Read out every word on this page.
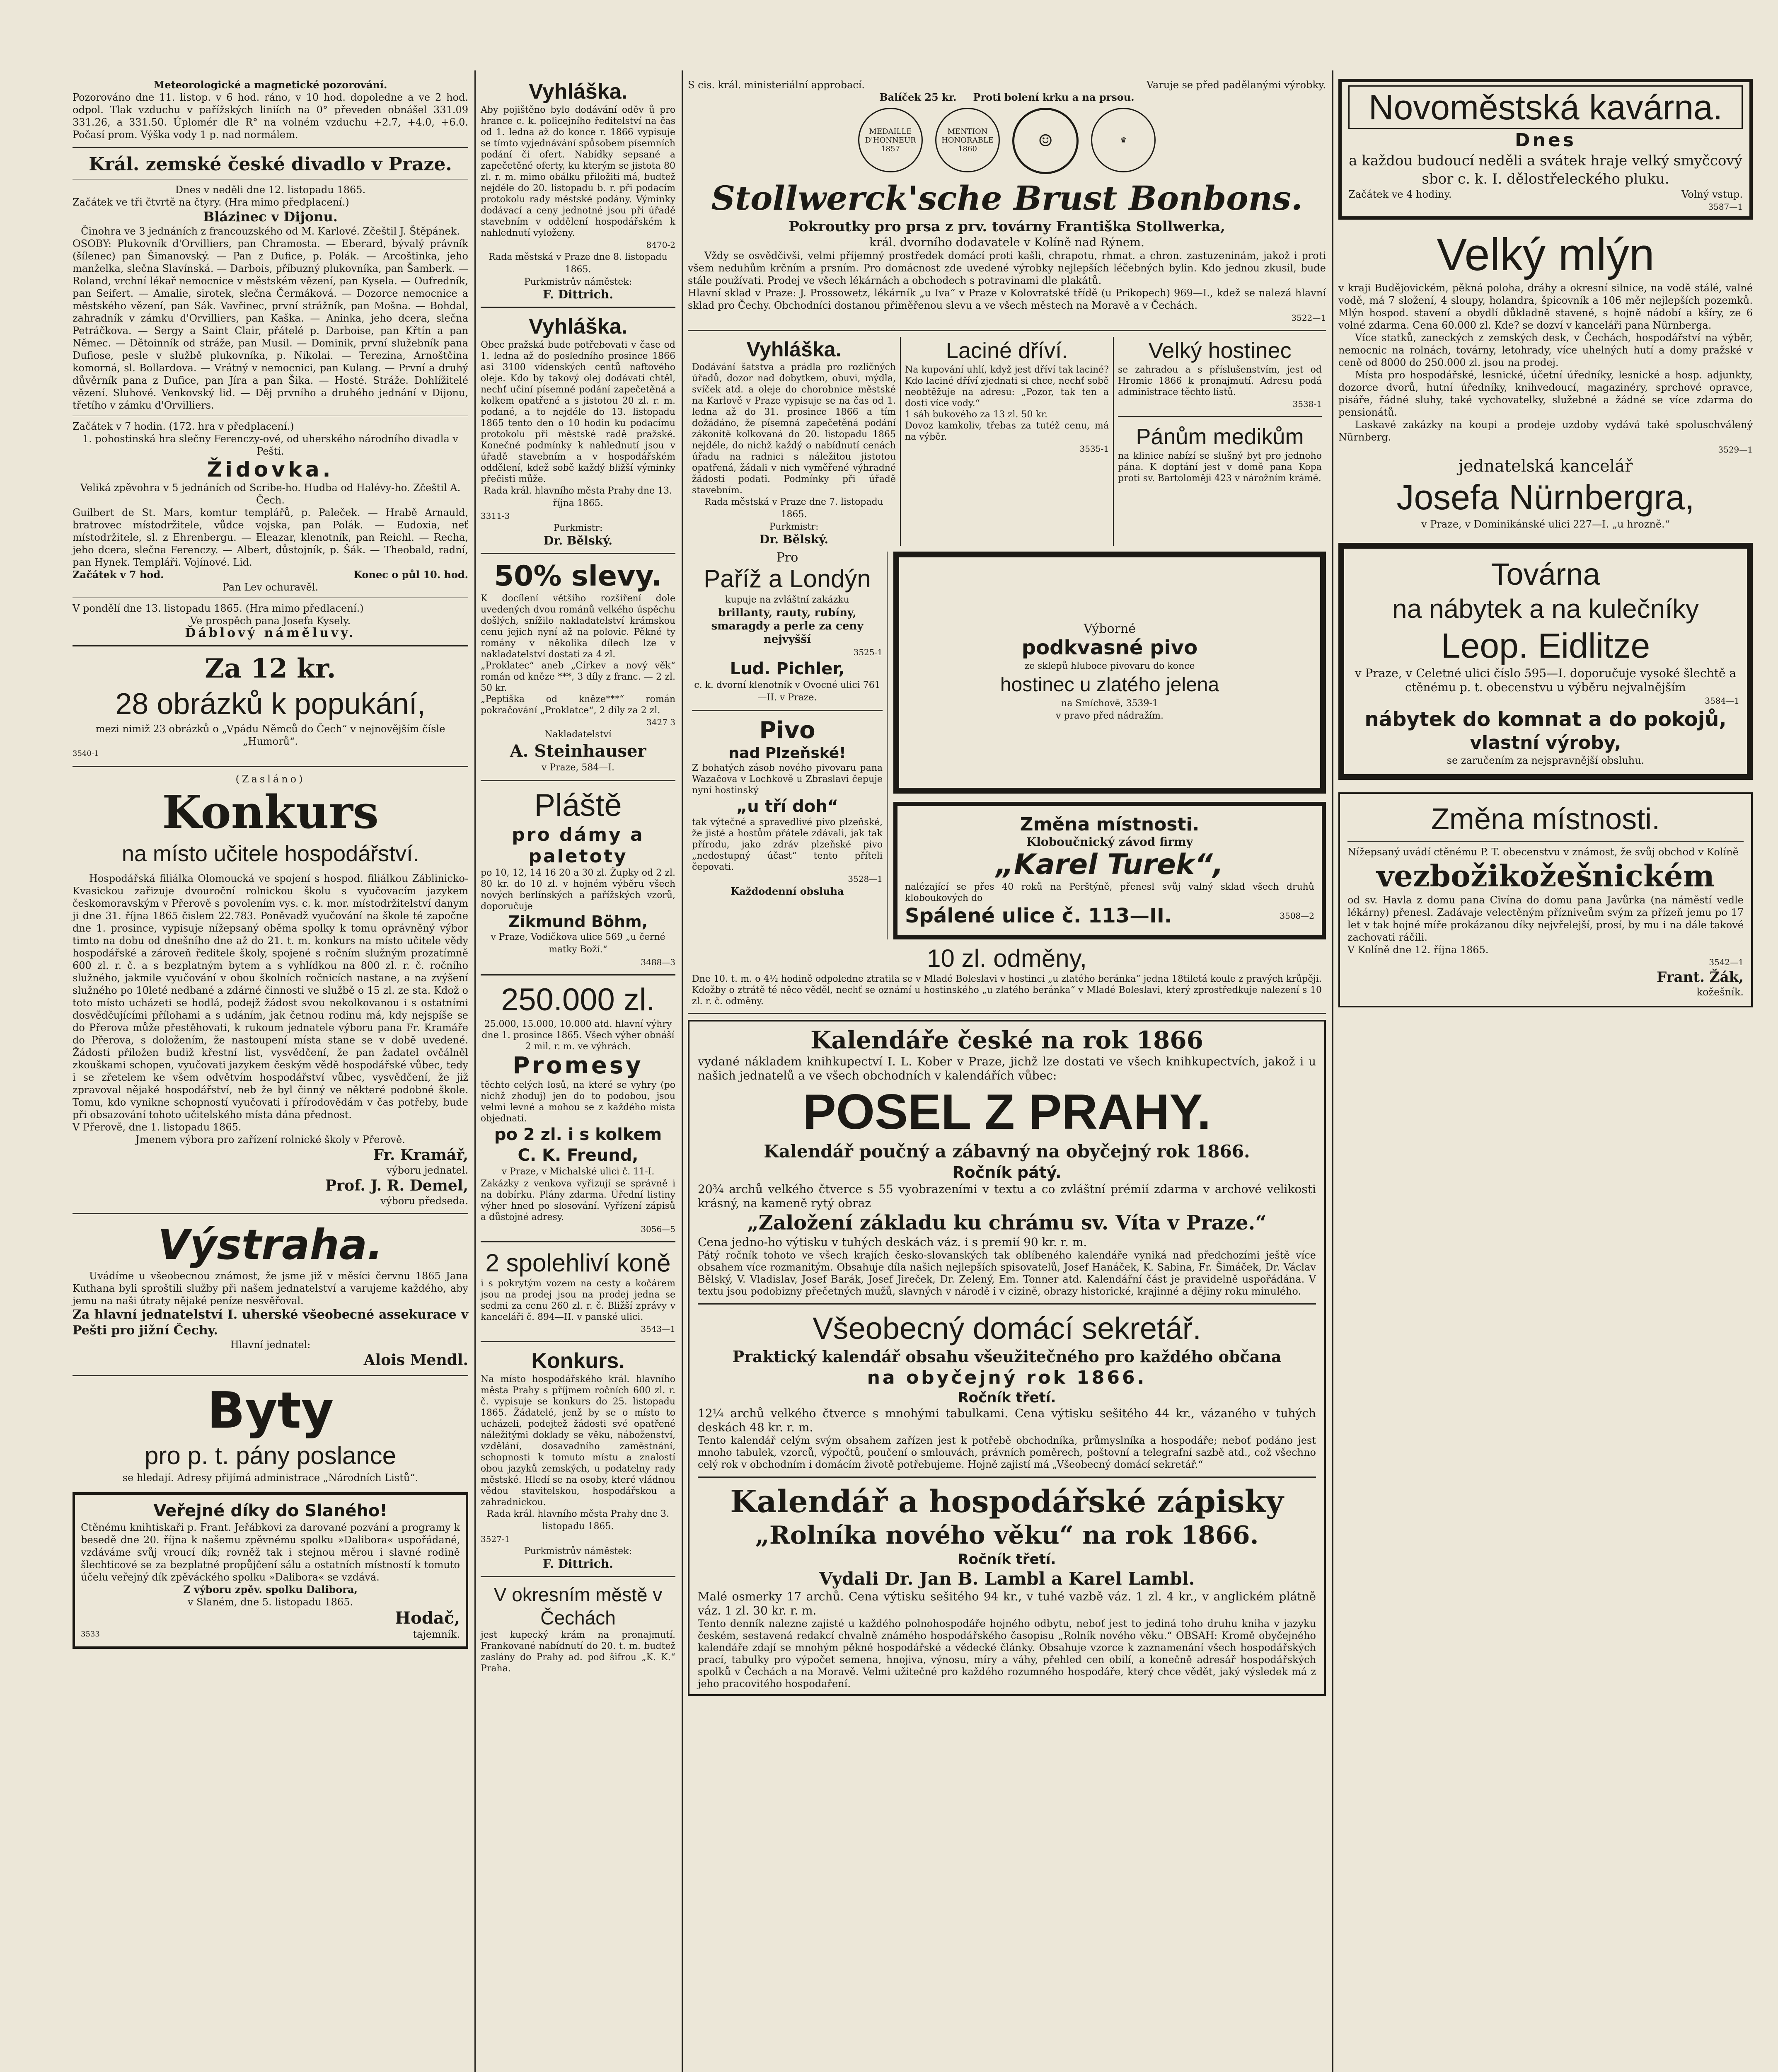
Meteorologické a magnetické pozorování.

Pozorováno dne 11. listop. v 6 hod. ráno, v 10 hod. dopoledne a ve 2 hod. odpol. Tlak vzduchu v pařížských liniích na 0° převeden obnášel 331.09 331.26, a 331.50. Úplomér dle R° na volném vzduchu +2.7, +4.0, +6.0. Počasí prom. Výška vody 1 p. nad normálem.

Král. zemské české divadlo v Praze.

Dnes v neděli dne 12. listopadu 1865.

Začátek ve tři čtvrtě na čtyry. (Hra mimo předplacení.)

Blázinec v Dijonu.

Činohra ve 3 jednáních z francouzského od M. Karlové. Zčeštil J. Štěpánek.

OSOBY: Plukovník d'Orvilliers, pan Chramosta. — Eberard, bývalý právník (šílenec) pan Šimanovský. — Pan z Dufice, p. Polák. — Arcoštinka, jeho manželka, slečna Slavínská. — Darbois, příbuzný plukovníka, pan Šamberk. — Roland, vrchní lékař nemocnice v městském vězení, pan Kysela. — Oufredník, pan Seifert. — Amalie, sirotek, slečna Čermáková. — Dozorce nemocnice a městského vězení, pan Sák. Vavřinec, první strážník, pan Mošna. — Bohdal, zahradník v zámku d'Orvilliers, pan Kaška. — Aninka, jeho dcera, slečna Petráčkova. — Sergy a Saint Clair, přátelé p. Darboise, pan Křtín a pan Němec. — Dětoinník od stráže, pan Musil. — Dominik, první služebník pana Dufiose, pesle v službě plukovníka, p. Nikolai. — Terezina, Arnoštčina komorná, sl. Bollardova. — Vrátný v nemocnici, pan Kulang. — První a druhý důvěrník pana z Dufice, pan Jíra a pan Šika. — Hosté. Stráže. Dohlížitelé vězení. Sluhové. Venkovský lid. — Děj prvního a druhého jednání v Dijonu, třetího v zámku d'Orvilliers.

Začátek v 7 hodin. (172. hra v předplacení.)

1. pohostinská hra slečny Ferenczy-ové, od uherského národního divadla v Pešti.

Židovka.

Veliká zpěvohra v 5 jednáních od Scribe-ho. Hudba od Halévy-ho. Zčeštil A. Čech.

Guilbert de St. Mars, komtur templářů, p. Paleček. — Hrabě Arnauld, bratrovec místodržitele, vůdce vojska, pan Polák. — Eudoxia, neť místodržitele, sl. z Ehrenbergu. — Eleazar, klenotník, pan Reichl. — Recha, jeho dcera, slečna Ferenczy. — Albert, důstojník, p. Šák. — Theobald, radní, pan Hynek. Templáři. Vojínové. Lid.

Začátek v 7 hod.	Konec o půl 10. hod.

Pan Lev ochuravěl.

V pondělí dne 13. listopadu 1865. (Hra mimo předlacení.)

Ve prospěch pana Josefa Kysely.

Ďáblový náměluvy.

Za 12 kr.

28 obrázků k popukání,

mezi nimiž 23 obrázků o „Vpádu Němců do Čech“ v nejnovějším čísle „Humorů“.

3540-1

(Zasláno)

Konkurs

na místo učitele hospodářství.

Hospodářská filiálka Olomoucká ve spojení s hospod. filiálkou Záblinicko-Kvasickou zařizuje dvouroční rolnickou školu s vyučovacím jazykem českomoravským v Přerově s povolením vys. c. k. mor. místodržitelství danym ji dne 31. října 1865 čislem 22.783. Poněvadž vyučování na škole té započne dne 1. prosince, vypisuje nížepsaný oběma spolky k tomu oprávněný výbor timto na dobu od dnešního dne až do 21. t. m. konkurs na místo učitele vědy hospodářské a zároveň ředitele školy, spojené s ročním služným prozatímně 600 zl. r. č. a s bezplatným bytem a s vyhlídkou na 800 zl. r. č. ročního služného, jakmile vyučování v obou školních ročnicích nastane, a na zvýšení služného po 10leté nedbané a zdárné činnosti ve službě o 15 zl. ze sta. Kdož o toto místo ucházeti se hodlá, podejž žádost svou nekolkovanou i s ostatními dosvědčujícími přílohami a s udáním, jak četnou rodinu má, kdy nejspíše se do Přerova může přestěhovati, k rukoum jednatele výboru pana Fr. Kramáře do Přerova, s doložením, že nastoupení místa stane se v době uvedené. Žádosti přiložen budiž křestní list, vysvědčení, že pan žadatel ovčálněl zkouškami schopen, vyučovati jazykem českým vědě hospodářské vůbec, tedy i se zřetelem ke všem odvětvím hospodářství vůbec, vysvědčení, že již zpravoval nějaké hospodářství, neb že byl činný ve některé podobné škole. Tomu, kdo vynikne schopností vyučovati i přírodovědám v čas potřeby, bude při obsazování tohoto učitelského místa dána přednost.

V Přerově, dne 1. listopadu 1865.

Jmenem výbora pro zařízení rolnické školy v Přerově.

Fr. Kramář,

výboru jednatel.

Prof. J. R. Demel,

výboru předseda.

Výstraha.

Uvádíme u všeobecnou známost, že jsme již v měsíci červnu 1865 Jana Kuthana byli sproštili služby při našem jednatelství a varujeme každého, aby jemu na naši útraty nějaké peníze nesvěřoval.

Za hlavní jednatelství I. uherské všeobecné assekurace v Pešti pro jižní Čechy.

Hlavní jednatel:

Alois Mendl.

Byty

pro p. t. pány poslance

se hledají. Adresy přijímá administrace „Národních Listů“.

Veřejné díky do Slaného!

Ctěnému knihtiskaři p. Frant. Jeřábkovi za darované pozvání a programy k besedě dne 20. října k našemu zpěvnému spolku »Dalibora« uspořádané, vzdáváme svůj vroucí dík; rovněž tak i stejnou měrou i slavné rodině šlechticové se za bezplatné propůjčení sálu a ostatních místností k tomuto účelu veřejný dík zpěváckého spolku »Dalibora« se vzdává.

Z výboru zpěv. spolku Dalibora,

v Slaném, dne 5. listopadu 1865.

3533

Hodač,

tajemník.

Vyhláška.

Aby pojištěno bylo dodávání oděv ů pro hrance c. k. policejního ředitelství na čas od 1. ledna až do konce r. 1866 vypisuje se tímto vyjednávání spůsobem písemních podání či ofert. Nabídky sepsané a zapečetěné oferty, ku kterým se jistota 80 zl. r. m. mimo obálku přiložiti má, budtež nejdéle do 20. listopadu b. r. při podacím protokolu rady městské podány. Výminky dodávací a ceny jednotné jsou při úřadě stavebním v oddělení hospodářském k nahlednutí vyloženy.

8470-2

Rada městská v Praze dne 8. listopadu 1865.

Purkmistrův náměstek:

F. Dittrich.

Vyhláška.

Obec pražská bude potřebovati v čase od 1. ledna až do posledního prosince 1866 asi 3100 vídenských centů naftového oleje. Kdo by takový olej dodávati chtěl, nechť učiní písemné podání zapečetěná a kolkem opatřené a s jistotou 20 zl. r. m. podané, a to nejdéle do 13. listopadu 1865 tento den o 10 hodin ku podacímu protokolu při městské radě pražské. Konečné podmínky k nahlednutí jsou v úřadě stavebním a v hospodářském oddělení, kdež sobě každý bližší výminky přečisti může.

Rada král. hlavního města Prahy dne 13. října 1865.

3311-3

Purkmistr:

Dr. Bělský.

50% slevy.

K docílení většího rozšíření dole uvedených dvou románů velkého úspěchu došlých, snížilo nakladatelství krámskou cenu jejich nyní až na polovic. Pěkné ty romány v několika dílech lze v nakladatelství dostati za 4 zl.

„Proklatec“ aneb „Církev a nový věk“ román od kněze ***, 3 díly z franc. — 2 zl. 50 kr.

„Peptiška od kněze***“ román pokračování „Proklatce“, 2 díly za 2 zl.

3427 3

Nakladatelství

A. Steinhauser

v Praze, 584—I.

Pláště

pro dámy a paletoty

po 10, 12, 14 16 20 a 30 zl. Župky od 2 zl. 80 kr. do 10 zl. v hojném výběru všech nových berlínských a pařížských vzorů, doporučuje

Zikmund Böhm,

v Praze, Vodičkova ulice 569 „u černé matky Boží.“

3488—3

250.000 zl.

25.000, 15.000, 10.000 atd. hlavní výhry dne 1. prosince 1865. Všech výher obnáší 2 mil. r. m. ve výhrách.

Promesy

těchto celých losů, na které se vyhry (po nichž zhoduj) jen do to podobou, jsou velmi levné a mohou se z každého místa objednati.

po 2 zl. i s kolkem

C. K. Freund,

v Praze, v Michalské ulici č. 11-I.

Zakázky z venkova vyřizují se správně i na dobírku. Plány zdarma. Úřední listiny výher hned po slosování. Vyřízení zápisů a důstojné adresy.

3056—5

2 spolehliví koně

i s pokrytým vozem na cesty a kočárem jsou na prodej jsou na prodej jedna se sedmi za cenu 260 zl. r. č. Bližší zprávy v kanceláři č. 894—II. v panské ulici.

3543—1

Konkurs.

Na místo hospodářského král. hlavního města Prahy s příjmem ročních 600 zl. r. č. vypisuje se konkurs do 25. listopadu 1865. Žádatelé, jenž by se o místo to ucházeli, podejtež žádosti své opatřené náležitými doklady se věku, náboženství, vzdělání, dosavadního zaměstnání, schopnosti k tomuto místu a znalostí obou jazyků zemských, u podatelny rady městské. Hledí se na osoby, které vládnou vědou stavitelskou, hospodářskou a zahradnickou.

Rada král. hlavního města Prahy dne 3. listopadu 1865.

3527-1

Purkmistrův náměstek:

F. Dittrich.

V okresním městě v Čechách

jest kupecký krám na pronajmutí. Frankované nabídnutí do 20. t. m. budtež zaslány do Prahy ad. pod šifrou „K. K.“ Praha.

S cis. král. ministeriální approbací.	Varuje se před padělanými výrobky.

Balíček 25 kr. Proti bolení krku a na prsou.

MEDAILLE D'HONNEUR 1857
MENTION HONORABLE 1860	☺	♛

Stollwerck'sche Brust Bonbons.

Pokroutky pro prsa z prv. továrny Františka Stollwerka,

král. dvorního dodavatele v Kolíně nad Rýnem.

Vždy se osvědčivši, velmi příjemný prostředek domácí proti kašli, chrapotu, rhmat. a chron. zastuzeninám, jakož i proti všem neduhům krčním a prsním. Pro domácnost zde uvedené výrobky nejlepších léčebných bylin. Kdo jednou zkusil, bude stále používati. Prodej ve všech lékárnách a obchodech s potravinami dle plakátů.

Hlavní sklad v Praze: J. Prossowetz, lékárník „u Iva“ v Praze v Kolovratské třídě (u Prikopech) 969—I., kdež se nalezá hlavní sklad pro Čechy. Obchodníci dostanou přiměřenou slevu a ve všech městech na Moravě a v Čechách.

3522—1

Vyhláška.

Dodávání šatstva a prádla pro rozličných úřadů, dozor nad dobytkem, obuvi, mýdla, svíček atd. a oleje do chorobnice městské na Karlově v Praze vypisuje se na čas od 1. ledna až do 31. prosince 1866 a tím dožádáno, že písemná zapečetěná podání zákonitě kolkovaná do 20. listopadu 1865 nejdéle, do nichž každý o nabídnutí cenách úřadu na radnici s náležitou jistotou opatřená, žádali v nich vyměřené výhradné žádosti podati. Podmínky při úřadě stavebním.

Rada městská v Praze dne 7. listopadu 1865.

Purkmistr:

Dr. Bělský.

Laciné dříví.

Na kupování uhlí, když jest dříví tak laciné? Kdo laciné dříví zjednati si chce, nechť sobě neobtěžuje na adresu: „Pozor, tak ten a dosti více vody.“

1 sáh bukového za 13 zl. 50 kr.

Dovoz kamkoliv, třebas za tutéž cenu, má na výběr.

3535-1

Velký hostinec

se zahradou a s příslušenstvím, jest od Hromic 1866 k pronajmutí. Adresu podá administrace těchto listů.

3538-1

Pánům medikům

na klinice nabízí se slušný byt pro jednoho pána. K doptání jest v domě pana Kopa proti sv. Bartoloměji 423 v nárožním krámě.

Pro

Paříž a Londýn

kupuje na zvláštní zakázku

brillanty, rauty, rubíny, smaragdy a perle za ceny nejvyšší

3525-1

Lud. Pichler,

c. k. dvorní klenotník v Ovocné ulici 761—II. v Praze.

Pivo

nad Plzeňské!

Z bohatých zásob nového pivovaru pana Wazačova v Lochkově u Zbraslavi čepuje nyní hostinský

„u tří doh“

tak výtečné a spravedlivé pivo plzeňské, že jisté a hostům přátele zdávali, jak tak přírodu, jako zdráv plzeňské pivo „nedostupný účast“ tento příteli čepovati.

3528—1

Každodenní obsluha

Výborné

podkvasné pivo

ze sklepů hluboce pivovaru do konce

hostinec u zlatého jelena

na Smíchově, 3539-1

v pravo před nádražím.

Změna místnosti.

Kloboučnický závod firmy

„Karel Turek“,

nalézající se přes 40 roků na Perštýně, přenesl svůj valný sklad všech druhů kloboukových do

Spálené ulice č. 113—II.	3508—2

10 zl. odměny,

Dne 10. t. m. o 4½ hodině odpoledne ztratila se v Mladé Boleslavi v hostinci „u zlatého beránka“ jedna 18tiletá koule z pravých krůpěji. Kdožby o ztrátě té něco věděl, nechť se oznámí u hostinského „u zlatého beránka“ v Mladé Boleslavi, který zprostředkuje nalezení s 10 zl. r. č. odměny.

Kalendáře české na rok 1866

vydané nákladem knihkupectví I. L. Kober v Praze, jichž lze dostati ve všech knihkupectvích, jakož i u našich jednatelů a ve všech obchodních v kalendářích vůbec:

POSEL Z PRAHY.

Kalendář poučný a zábavný na obyčejný rok 1866.

Ročník pátý.

20¾ archů velkého čtverce s 55 vyobrazeními v textu a co zvláštní prémií zdarma v archové velikosti krásný, na kameně rytý obraz

„Založení základu ku chrámu sv. Víta v Praze.“

Cena jedno-ho výtisku v tuhých deskách váz. i s premií 90 kr. r. m.

Pátý ročník tohoto ve všech krajích česko-slovanských tak oblíbeného kalendáře vyniká nad předchozími ještě více obsahem více rozmanitým. Obsahuje díla našich nejlepších spisovatelů, Josef Hanáček, K. Sabina, Fr. Šimáček, Dr. Václav Bělský, V. Vladislav, Josef Barák, Josef Jireček, Dr. Zelený, Em. Tonner atd. Kalendářní část je pravidelně uspořádána. V textu jsou podobizny přečetných mužů, slavných v národě i v cizině, obrazy historické, krajinné a dějiny roku minulého.

Všeobecný domácí sekretář.

Praktický kalendář obsahu všeužitečného pro každého občana

na obyčejný rok 1866.

Ročník třetí.

12¼ archů velkého čtverce s mnohými tabulkami. Cena výtisku sešitého 44 kr., vázaného v tuhých deskách 48 kr. r. m.

Tento kalendář celým svým obsahem zařízen jest k potřebě obchodníka, průmyslníka a hospodáře; neboť podáno jest mnoho tabulek, vzorců, výpočtů, poučení o smlouvách, právních poměrech, poštovní a telegrafní sazbě atd., což všechno celý rok v obchodním i domácím životě potřebujeme. Hojně zajistí má „Všeobecný domácí sekretář.“

Kalendář a hospodářské zápisky

„Rolníka nového věku“ na rok 1866.

Ročník třetí.

Vydali Dr. Jan B. Lambl a Karel Lambl.

Malé osmerky 17 archů. Cena výtisku sešitého 94 kr., v tuhé vazbě váz. 1 zl. 4 kr., v anglickém plátně váz. 1 zl. 30 kr. r. m.

Tento denník nalezne zajisté u každého polnohospodáře hojného odbytu, neboť jest to jediná toho druhu kniha v jazyku českém, sestavená redakcí chvalně známého hospodářského časopisu „Rolník nového věku.“ OBSAH: Kromě obyčejného kalendáře zdají se mnohým pěkné hospodářské a vědecké články. Obsahuje vzorce k zaznamenání všech hospodářských prací, tabulky pro výpočet semena, hnojiva, výnosu, míry a váhy, přehled cen obilí, a konečně adresář hospodářských spolků v Čechách a na Moravě. Velmi užitečné pro každého rozumného hospodáře, který chce vědět, jaký výsledek má z jeho pracovitého hospodaření.

Novoměstská kavárna.

Dnes

a každou budoucí neděli a svátek hraje velký smyčcový sbor c. k. I. dělostřeleckého pluku.

Začátek ve 4 hodiny.	Volný vstup.

3587—1

Velký mlýn

v kraji Budějovickém, pěkná poloha, dráhy a okresní silnice, na vodě stálé, valné vodě, má 7 složení, 4 sloupy, holandra, špicovník a 106 měr nejlepších pozemků. Mlýn hospod. stavení a obydlí důkladně stavené, s hojně nádobí a kšíry, ze 6 volné zdarma. Cena 60.000 zl. Kde? se dozví v kanceláři pana Nürnberga.

Více statků, zaneckých z zemských desk, v Čechách, hospodářství na výběr, nemocnic na rolnách, továrny, letohrady, více uhelných hutí a domy pražské v ceně od 8000 do 250.000 zl. jsou na prodej.

Místa pro hospodářské, lesnické, účetní úředníky, lesnické a hosp. adjunkty, dozorce dvorů, hutní úředníky, knihvedoucí, magazinéry, sprchové opravce, pisáře, řádné sluhy, také vychovatelky, služebné a žádné se více zdarma do pensionátů.

Laskavé zakázky na koupi a prodeje uzdoby vydává také spoluschválený Nürnberg.

3529—1

jednatelská kancelář

Josefa Nürnbergra,

v Praze, v Dominikánské ulici 227—I. „u hrozně.“

Továrna

na nábytek a na kulečníky

Leop. Eidlitze

v Praze, v Celetné ulici číslo 595—I. doporučuje vysoké šlechtě a ctěnému p. t. obecenstvu u výběru nejvalnějším

3584—1

nábytek do komnat a do pokojů,

vlastní výroby,

se zaručením za nejspravnější obsluhu.

Změna místnosti.

Nížepsaný uvádí ctěnému P. T. obecenstvu v známost, že svůj obchod v Kolíně

vezbožikožešnickém

od sv. Havla z domu pana Civína do domu pana Javůrka (na náměstí vedle lékárny) přenesl. Zadávaje velectěným přízniveům svým za přízeň jemu po 17 let v tak hojné míře prokázanou díky nejvřelejší, prosí, by mu i na dále takové zachovati ráčili.

V Kolíně dne 12. října 1865.

3542—1

Frant. Žák,

kožešník.
